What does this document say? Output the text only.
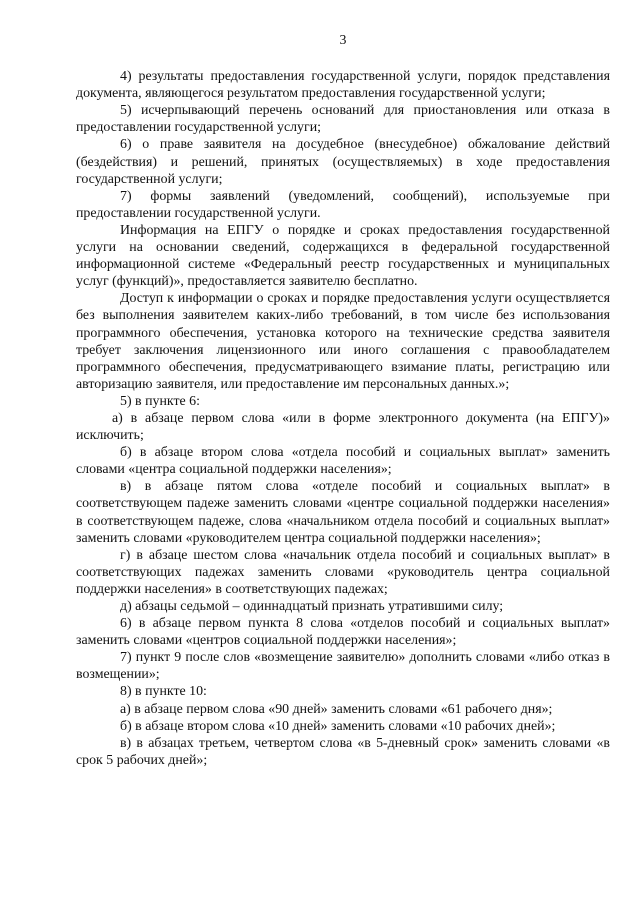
3

4) результаты предоставления государственной услуги, порядок представления документа, являющегося результатом предоставления государственной услуги;

5) исчерпывающий перечень оснований для приостановления или отказа в предоставлении государственной услуги;

6) о праве заявителя на досудебное (внесудебное) обжалование действий (бездействия) и решений, принятых (осуществляемых) в ходе предоставления государственной услуги;

7) формы заявлений (уведомлений, сообщений), используемые при предоставлении государственной услуги.

Информация на ЕПГУ о порядке и сроках предоставления государственной услуги на основании сведений, содержащихся в федеральной государственной информационной системе «Федеральный реестр государственных и муниципальных услуг (функций)», предоставляется заявителю бесплатно.

Доступ к информации о сроках и порядке предоставления услуги осуществляется без выполнения заявителем каких-либо требований, в том числе без использования программного обеспечения, установка которого на технические средства заявителя требует заключения лицензионного или иного соглашения с правообладателем программного обеспечения, предусматривающего взимание платы, регистрацию или авторизацию заявителя, или предоставление им персональных данных.»;

5) в пункте 6:

а) в абзаце первом слова «или в форме электронного документа (на ЕПГУ)» исключить;

б) в абзаце втором слова «отдела пособий и социальных выплат» заменить словами «центра социальной поддержки населения»;

в) в абзаце пятом слова «отделе пособий и социальных выплат» в соответствующем падеже заменить словами «центре социальной поддержки населения» в соответствующем падеже, слова «начальником отдела пособий и социальных выплат» заменить словами «руководителем центра социальной поддержки населения»;

г) в абзаце шестом слова «начальник отдела пособий и социальных выплат» в соответствующих падежах заменить словами «руководитель центра социальной поддержки населения» в соответствующих падежах;

д) абзацы седьмой – одиннадцатый признать утратившими силу;

6) в абзаце первом пункта 8 слова «отделов пособий и социальных выплат» заменить словами «центров социальной поддержки населения»;

7) пункт 9 после слов «возмещение заявителю» дополнить словами «либо отказ в возмещении»;

8) в пункте 10:

а) в абзаце первом слова «90 дней» заменить словами «61 рабочего дня»;

б) в абзаце втором слова «10 дней» заменить словами «10 рабочих дней»;

в) в абзацах третьем, четвертом слова «в 5-дневный срок» заменить словами «в срок 5 рабочих дней»;
